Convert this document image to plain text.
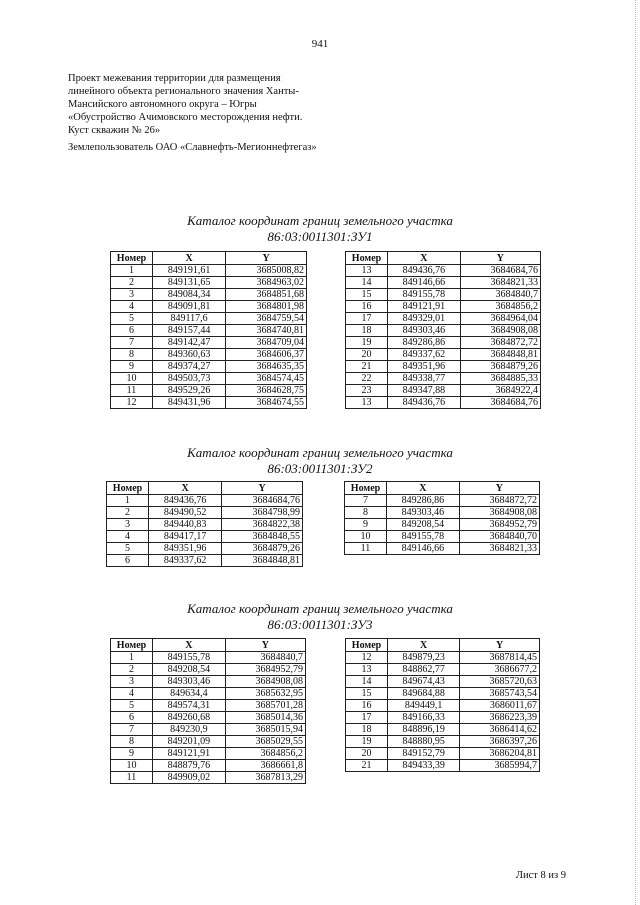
941
Проект межевания территории для размещения
линейного объекта регионального значения Ханты-
Мансийского автономного округа – Югры
«Обустройство Ачимовского месторождения нефти.
Куст скважин № 26»
Землепользователь ОАО «Славнефть-Мегионнефтегаз»
Каталог координат границ земельного участка
86:03:0011301:ЗУ1
Номер	X	Y
1	849191,61	3685008,82
2	849131,65	3684963,02
3	849084,34	3684851,68
4	849091,81	3684801,98
5	849117,6	3684759,54
6	849157,44	3684740,81
7	849142,47	3684709,04
8	849360,63	3684606,37
9	849374,27	3684635,35
10	849503,73	3684574,45
11	849529,26	3684628,75
12	849431,96	3684674,55
Номер	X	Y
13	849436,76	3684684,76
14	849146,66	3684821,33
15	849155,78	3684840,7
16	849121,91	3684856,2
17	849329,01	3684964,04
18	849303,46	3684908,08
19	849286,86	3684872,72
20	849337,62	3684848,81
21	849351,96	3684879,26
22	849338,77	3684885,33
23	849347,88	3684922,4
13	849436,76	3684684,76
Каталог координат границ земельного участка
86:03:0011301:ЗУ2
Номер	X	Y
1	849436,76	3684684,76
2	849490,52	3684798,99
3	849440,83	3684822,38
4	849417,17	3684848,55
5	849351,96	3684879,26
6	849337,62	3684848,81
Номер	X	Y
7	849286,86	3684872,72
8	849303,46	3684908,08
9	849208,54	3684952,79
10	849155,78	3684840,70
11	849146,66	3684821,33
Каталог координат границ земельного участка
86:03:0011301:ЗУ3
Номер	X	Y
1	849155,78	3684840,7
2	849208,54	3684952,79
3	849303,46	3684908,08
4	849634,4	3685632,95
5	849574,31	3685701,28
6	849260,68	3685014,36
7	849230,9	3685015,94
8	849201,09	3685029,55
9	849121,91	3684856,2
10	848879,76	3686661,8
11	849909,02	3687813,29
Номер	X	Y
12	849879,23	3687814,45
13	848862,77	3686677,2
14	849674,43	3685720,63
15	849684,88	3685743,54
16	849449,1	3686011,67
17	849166,33	3686223,39
18	848896,19	3686414,62
19	848880,95	3686397,26
20	849152,79	3686204,81
21	849433,39	3685994,7
Лист 8 из 9
